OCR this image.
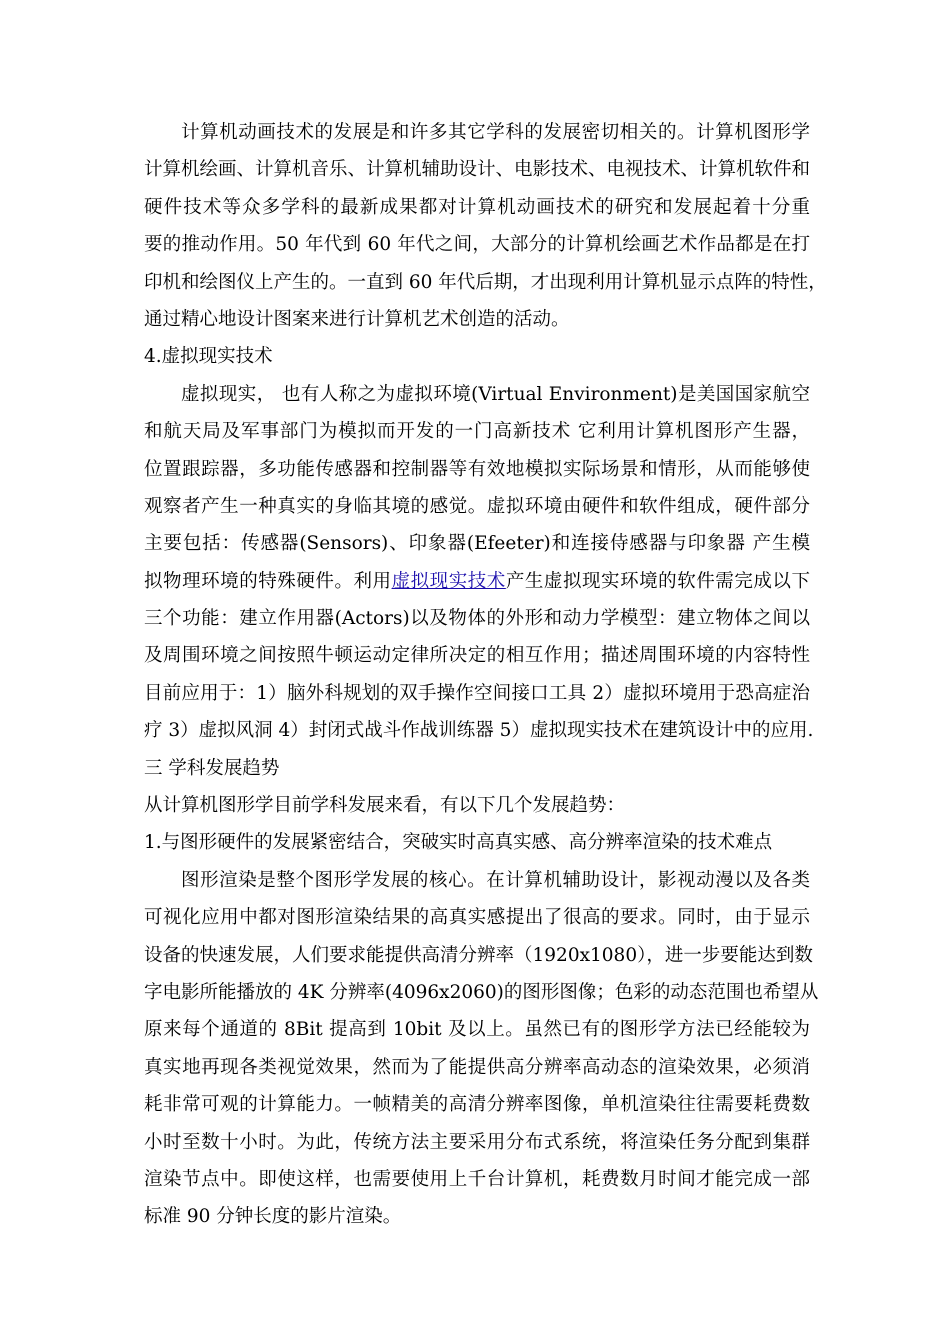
计算机动画技术的发展是和许多其它学科的发展密切相关的。计算机图形学
计算机绘画、计算机音乐、计算机辅助设计、电影技术、电视技术、计算机软件和
硬件技术等众多学科的最新成果都对计算机动画技术的研究和发展起着十分重
要的推动作用。50 年代到 60 年代之间，大部分的计算机绘画艺术作品都是在打
印机和绘图仪上产生的。一直到 60 年代后期，才出现利用计算机显示点阵的特性，
通过精心地设计图案来进行计算机艺术创造的活动。
4.虚拟现实技术
虚拟现实， 也有人称之为虚拟环境(Virtual Environment)是美国国家航空
和航天局及军事部门为模拟而开发的一门高新技术 它利用计算机图形产生器，
位置跟踪器，多功能传感器和控制器等有效地模拟实际场景和情形，从而能够使
观察者产生一种真实的身临其境的感觉。虚拟环境由硬件和软件组成，硬件部分
主要包括：传感器(Sensors)、印象器(Efeeter)和连接侍感器与印象器 产生模
拟物理环境的特殊硬件。利用虚拟现实技术产生虚拟现实环境的软件需完成以下
三个功能：建立作用器(Actors)以及物体的外形和动力学模型：建立物体之间以
及周围环境之间按照牛顿运动定律所决定的相互作用；描述周围环境的内容特性
目前应用于：1）脑外科规划的双手操作空间接口工具 2）虚拟环境用于恐高症治
疗 3）虚拟风洞 4）封闭式战斗作战训练器 5）虚拟现实技术在建筑设计中的应用.
三 学科发展趋势
从计算机图形学目前学科发展来看，有以下几个发展趋势：
1.与图形硬件的发展紧密结合，突破实时高真实感、高分辨率渲染的技术难点
图形渲染是整个图形学发展的核心。在计算机辅助设计，影视动漫以及各类
可视化应用中都对图形渲染结果的高真实感提出了很高的要求。同时，由于显示
设备的快速发展，人们要求能提供高清分辨率（1920x1080），进一步要能达到数
字电影所能播放的 4K 分辨率(4096x2060)的图形图像；色彩的动态范围也希望从
原来每个通道的 8Bit 提高到 10bit 及以上。虽然已有的图形学方法已经能较为
真实地再现各类视觉效果，然而为了能提供高分辨率高动态的渲染效果，必须消
耗非常可观的计算能力。一帧精美的高清分辨率图像，单机渲染往往需要耗费数
小时至数十小时。为此，传统方法主要采用分布式系统，将渲染任务分配到集群
渲染节点中。即使这样，也需要使用上千台计算机，耗费数月时间才能完成一部
标准 90 分钟长度的影片渲染。
